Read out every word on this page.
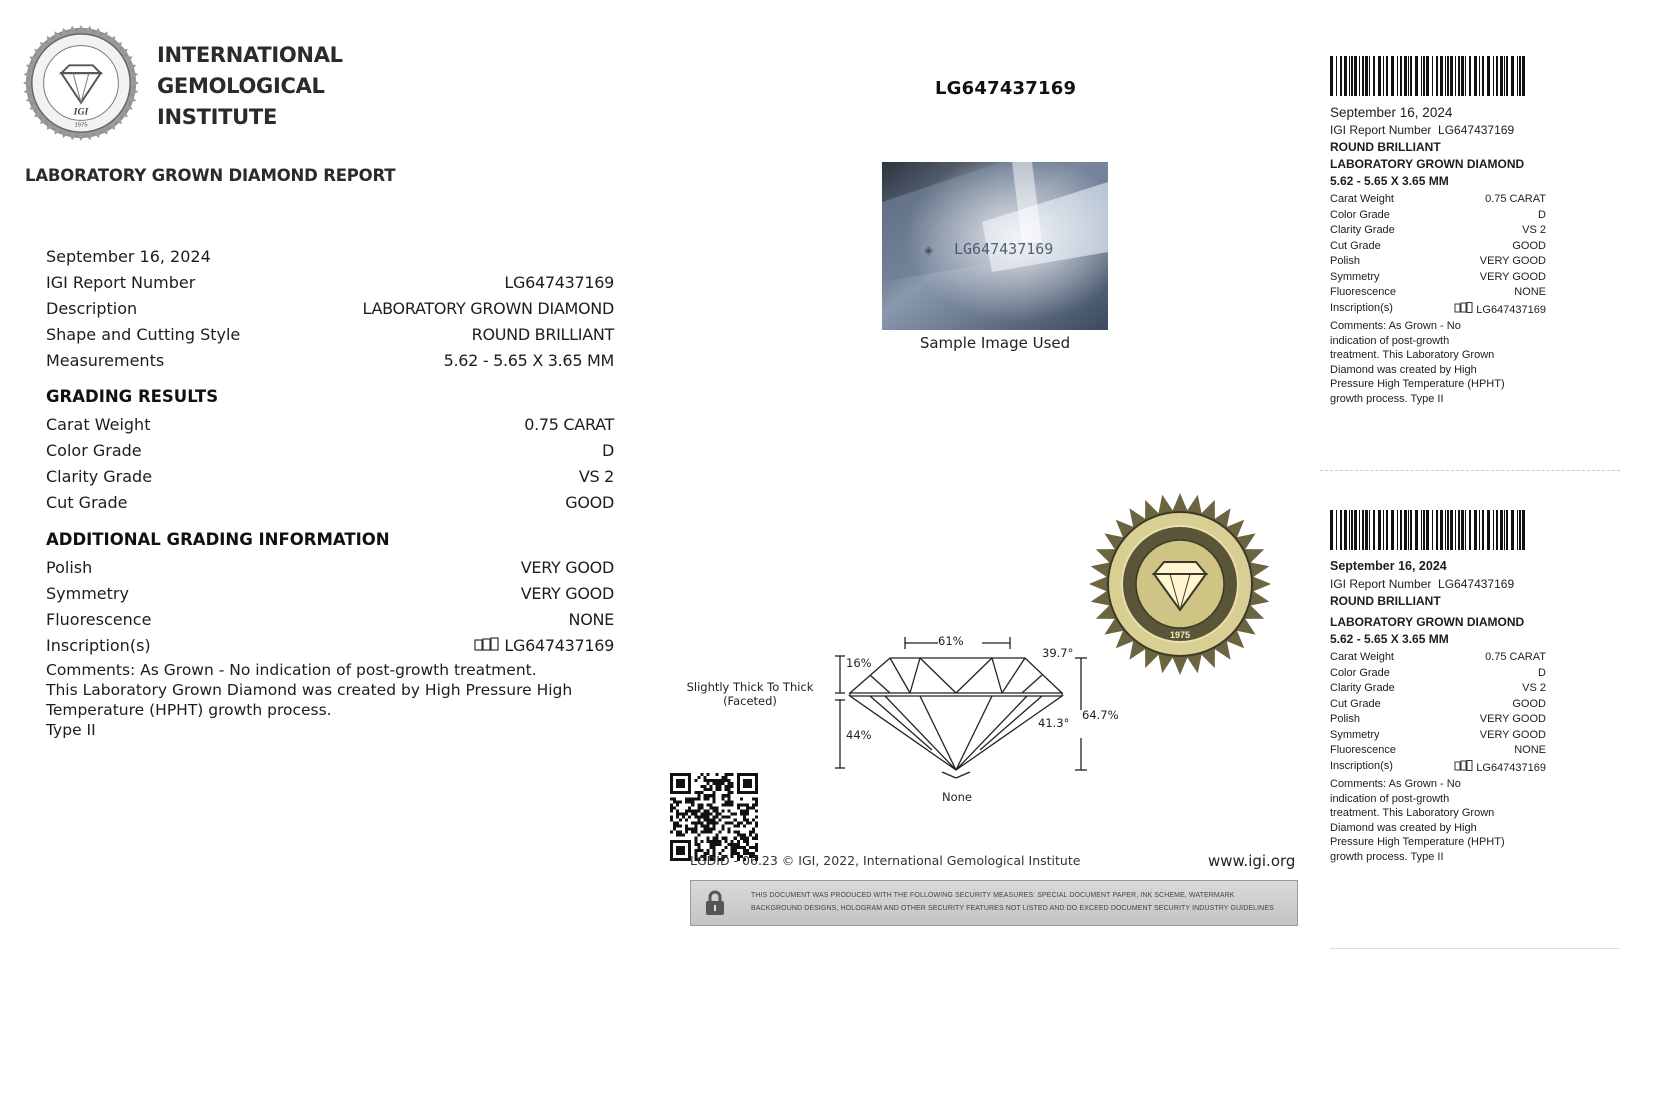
IGI
1975
INTERNATIONAL
GEMOLOGICAL
INSTITUTE
LABORATORY GROWN DIAMOND REPORT
September 16, 2024
IGI Report Number	LG647437169
Description	LABORATORY GROWN DIAMOND
Shape and Cutting Style	ROUND BRILLIANT
Measurements	5.62 - 5.65 X 3.65 MM
GRADING RESULTS
Carat Weight	0.75 CARAT
Color Grade	D
Clarity Grade	VS 2
Cut Grade	GOOD
ADDITIONAL GRADING INFORMATION
Polish	VERY GOOD
Symmetry	VERY GOOD
Fluorescence	NONE
Inscription(s)	LG647437169
Comments: As Grown - No indication of post-growth treatment.
This Laboratory Grown Diamond was created by High Pressure High
Temperature (HPHT) growth process.
Type II
LG647437169
LG647437169
◈
Sample Image Used
61%
16%
44%
39.7°
41.3°
64.7%
Slightly Thick To Thick
(Faceted)
None
1975
LGDID - 06.23 © IGI, 2022, International Gemological Institute	www.igi.org
THIS DOCUMENT WAS PRODUCED WITH THE FOLLOWING SECURITY MEASURES: SPECIAL DOCUMENT PAPER, INK SCHEME, WATERMARK BACKGROUND DESIGNS, HOLOGRAM AND OTHER SECURITY FEATURES NOT LISTED AND DO EXCEED DOCUMENT SECURITY INDUSTRY GUIDELINES
September 16, 2024
IGI Report Number LG647437169
ROUND BRILLIANT
LABORATORY GROWN DIAMOND
5.62 - 5.65 X 3.65 MM
Carat Weight	0.75 CARAT
Color Grade	D
Clarity Grade	VS 2
Cut Grade	GOOD
Polish	VERY GOOD
Symmetry	VERY GOOD
Fluorescence	NONE
Inscription(s)	LG647437169
Comments: As Grown - No
indication of post-growth
treatment. This Laboratory Grown
Diamond was created by High
Pressure High Temperature (HPHT)
growth process. Type II
September 16, 2024
IGI Report Number LG647437169
ROUND BRILLIANT
LABORATORY GROWN DIAMOND
5.62 - 5.65 X 3.65 MM
Carat Weight	0.75 CARAT
Color Grade	D
Clarity Grade	VS 2
Cut Grade	GOOD
Polish	VERY GOOD
Symmetry	VERY GOOD
Fluorescence	NONE
Inscription(s)	LG647437169
Comments: As Grown - No
indication of post-growth
treatment. This Laboratory Grown
Diamond was created by High
Pressure High Temperature (HPHT)
growth process. Type II
